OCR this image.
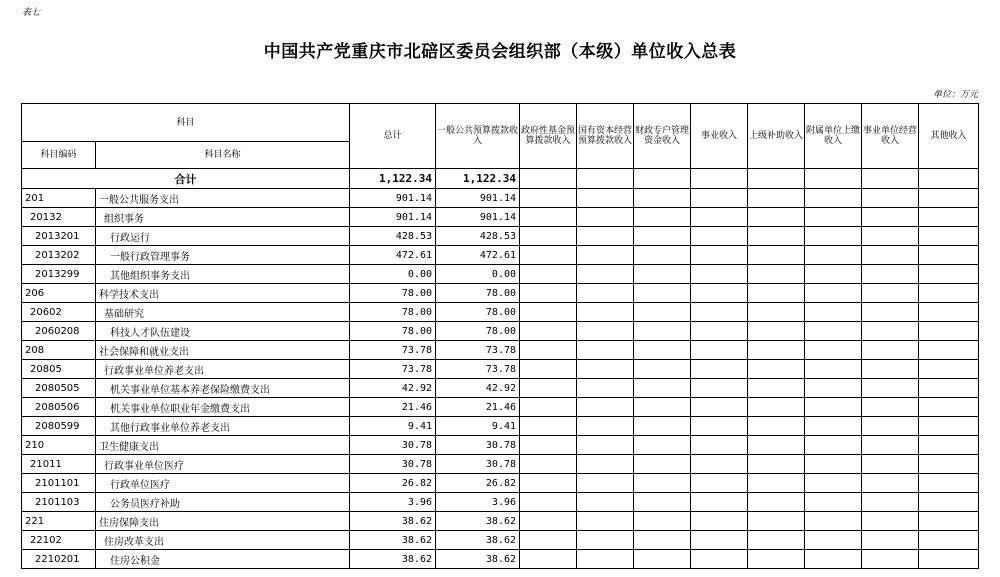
表七
中国共产党重庆市北碚区委员会组织部（本级）单位收入总表
单位：万元
科目		总计	一般公共预算拨款收入	政府性基金预算拨款收入	国有资本经营预算拨款收入	财政专户管理资金收入	事业收入	上级补助收入	附属单位上缴收入	事业单位经营收入	其他收入
科目编码	科目名称										
合计		1,122.34	1,122.34								
201	一般公共服务支出	901.14	901.14								
20132	组织事务	901.14	901.14								
2013201	行政运行	428.53	428.53								
2013202	一般行政管理事务	472.61	472.61								
2013299	其他组织事务支出	0.00	0.00								
206	科学技术支出	78.00	78.00								
20602	基础研究	78.00	78.00								
2060208	科技人才队伍建设	78.00	78.00								
208	社会保障和就业支出	73.78	73.78								
20805	行政事业单位养老支出	73.78	73.78								
2080505	机关事业单位基本养老保险缴费支出	42.92	42.92								
2080506	机关事业单位职业年金缴费支出	21.46	21.46								
2080599	其他行政事业单位养老支出	9.41	9.41								
210	卫生健康支出	30.78	30.78								
21011	行政事业单位医疗	30.78	30.78								
2101101	行政单位医疗	26.82	26.82								
2101103	公务员医疗补助	3.96	3.96								
221	住房保障支出	38.62	38.62								
22102	住房改革支出	38.62	38.62								
2210201	住房公积金	38.62	38.62								
